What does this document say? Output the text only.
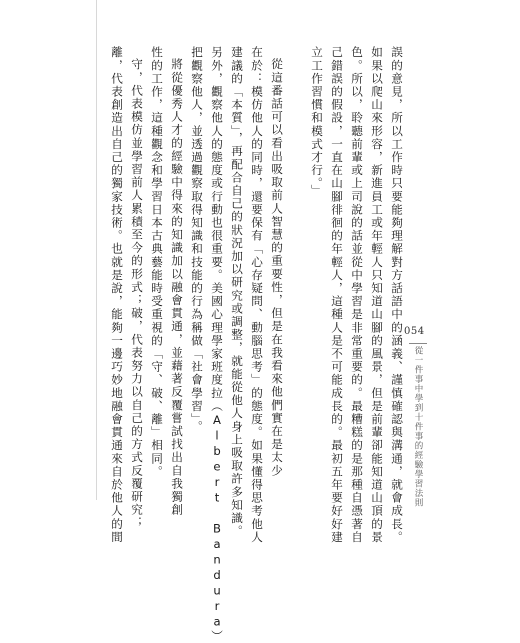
誤的意見，所以工作時只要能夠理解對方話語中的涵義、謹慎確認與溝通，就會成長。
如果以爬山來形容，新進員工或年輕人只知道山腳的風景，但是前輩卻能知道山頂的景
色。所以，聆聽前輩或上司說的話並從中學習是非常重要的。最糟糕的是那種自憑著自
己錯誤的假設，一直在山腳徘徊的年輕人，這種人是不可能成長的。最初五年要好好建
立工作習慣和模式才行。」
從這番話可以看出吸取前人智慧的重要性，但是在我看來他們實在是太少
在於：模仿他人的同時，還要保有「心存疑問、動腦思考」的態度。如果懂得思考他人
建議的「本質」，再配合自己的狀況加以研究或調整，就能從他人身上吸取許多知識。
另外，觀察他人的態度或行動也很重要。美國心理學家班度拉（Albert Bandura）
把觀察他人，並透過觀察取得知識和技能的行為稱做「社會學習」。
將從優秀人才的經驗中得來的知識加以融會貫通，並藉著反覆嘗試找出自我獨創
性的工作，這種觀念和學習日本古典藝能時受重視的「守、破、離」相同。
守，代表模仿並學習前人累積至今的形式；破，代表努力以自己的方式反覆研究；
離，代表創造出自己的獨家技術。也就是說，能夠一邊巧妙地融會貫通來自於他人的間	054
從一件事中學到十件事的經驗學習法則
